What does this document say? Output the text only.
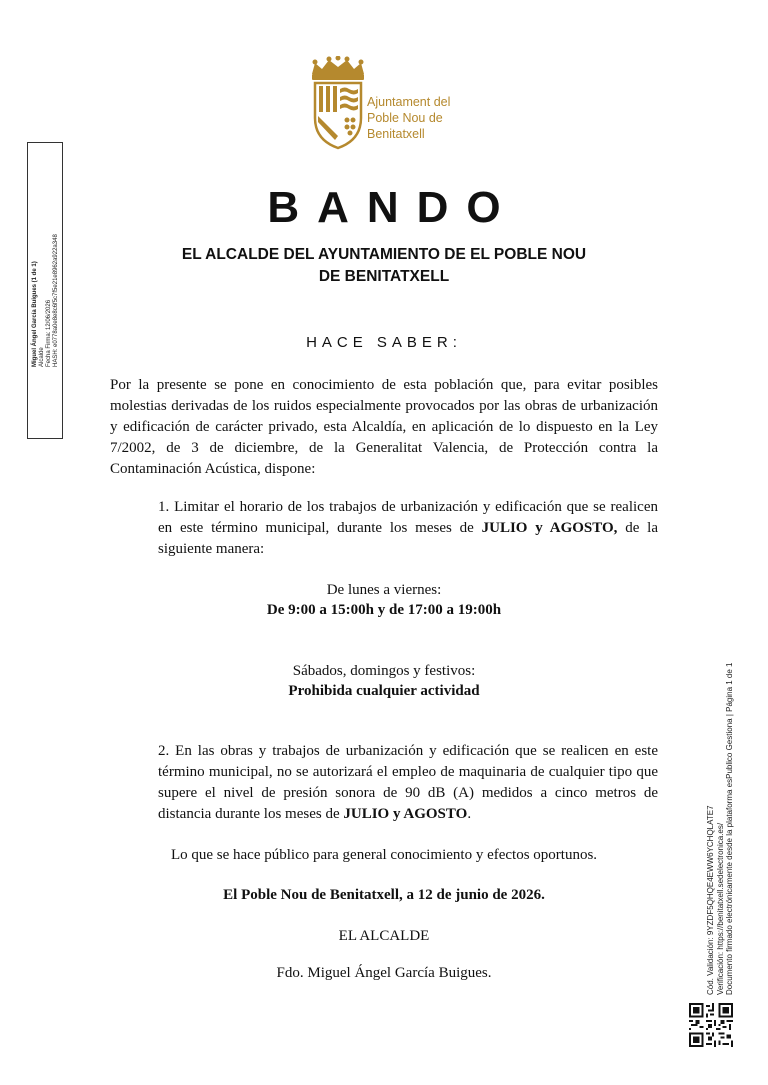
Miguel Ángel García Buigues (1 de 1)
Alcalde
Fecha Firma: 12/06/2026
HASH: e0778a0e8e8c6f5c7f5e21e8962a922a348
Ajuntament del
Poble Nou de
Benitatxell
BANDO
EL ALCALDE DEL AYUNTAMIENTO DE EL POBLE NOU
DE BENITATXELL
HACE SABER:
Por la presente se pone en conocimiento de esta población que, para evitar posibles molestias derivadas de los ruidos especialmente provocados por las obras de urbanización y edificación de carácter privado, esta Alcaldía, en aplicación de lo dispuesto en la Ley 7/2002, de 3 de diciembre, de la Generalitat Valencia, de Protección contra la Contaminación Acústica, dispone:
1. Limitar el horario de los trabajos de urbanización y edificación que se realicen en este término municipal, durante los meses de JULIO y AGOSTO, de la siguiente manera:
De lunes a viernes:
De 9:00 a 15:00h y de 17:00 a 19:00h
Sábados, domingos y festivos:
Prohibida cualquier actividad
2. En las obras y trabajos de urbanización y edificación que se realicen en este término municipal, no se autorizará el empleo de maquinaria de cualquier tipo que supere el nivel de presión sonora de 90 dB (A) medidos a cinco metros de distancia durante los meses de JULIO y AGOSTO.
Lo que se hace público para general conocimiento y efectos oportunos.
El Poble Nou de Benitatxell, a 12 de junio de 2026.
EL ALCALDE
Fdo. Miguel Ángel García Buigues.	Cód. Validación: 9YZDF5QHQE4EWW6YCHQLATE7
Verificación: https://benitatxell.sedelectronica.es/
Documento firmado electrónicamente desde la plataforma esPublico Gestiona | Página 1 de 1
